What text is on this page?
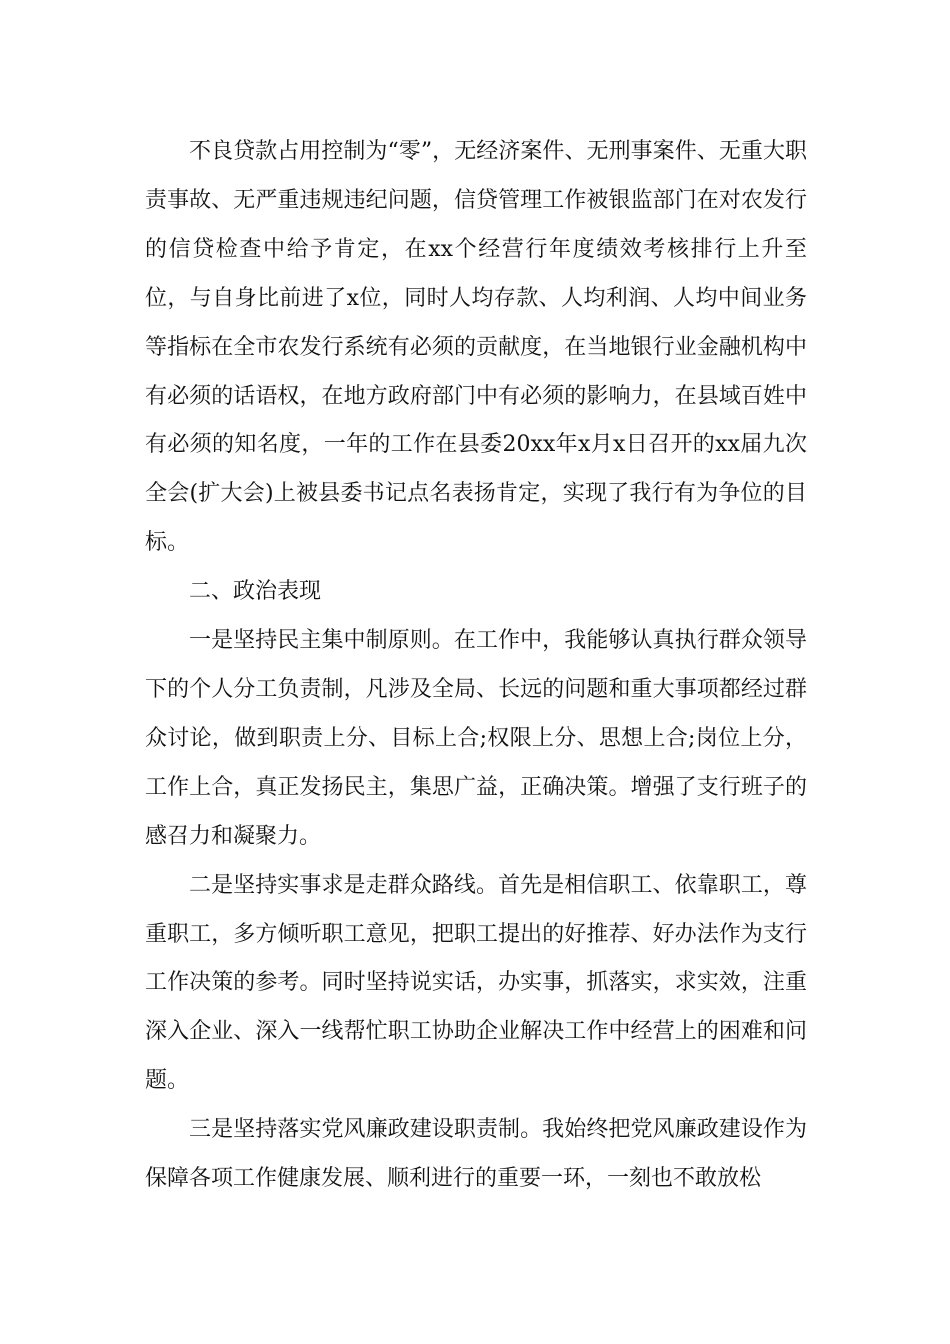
不良贷款占用控制为“零”，无经济案件、无刑事案件、无重大职责事故、无严重违规违纪问题，信贷管理工作被银监部门在对农发行的信贷检查中给予肯定，在xx个经营行年度绩效考核排行上升至位，与自身比前进了x位，同时人均存款、人均利润、人均中间业务等指标在全市农发行系统有必须的贡献度，在当地银行业金融机构中有必须的话语权，在地方政府部门中有必须的影响力，在县域百姓中有必须的知名度，一年的工作在县委20xx年x月x日召开的xx届九次全会(扩大会)上被县委书记点名表扬肯定，实现了我行有为争位的目标。

二、政治表现

一是坚持民主集中制原则。在工作中，我能够认真执行群众领导下的个人分工负责制，凡涉及全局、长远的问题和重大事项都经过群众讨论，做到职责上分、目标上合;权限上分、思想上合;岗位上分，工作上合，真正发扬民主，集思广益，正确决策。增强了支行班子的感召力和凝聚力。

二是坚持实事求是走群众路线。首先是相信职工、依靠职工，尊重职工，多方倾听职工意见，把职工提出的好推荐、好办法作为支行工作决策的参考。同时坚持说实话，办实事，抓落实，求实效，注重深入企业、深入一线帮忙职工协助企业解决工作中经营上的困难和问题。

三是坚持落实党风廉政建设职责制。我始终把党风廉政建设作为保障各项工作健康发展、顺利进行的重要一环，一刻也不敢放松
